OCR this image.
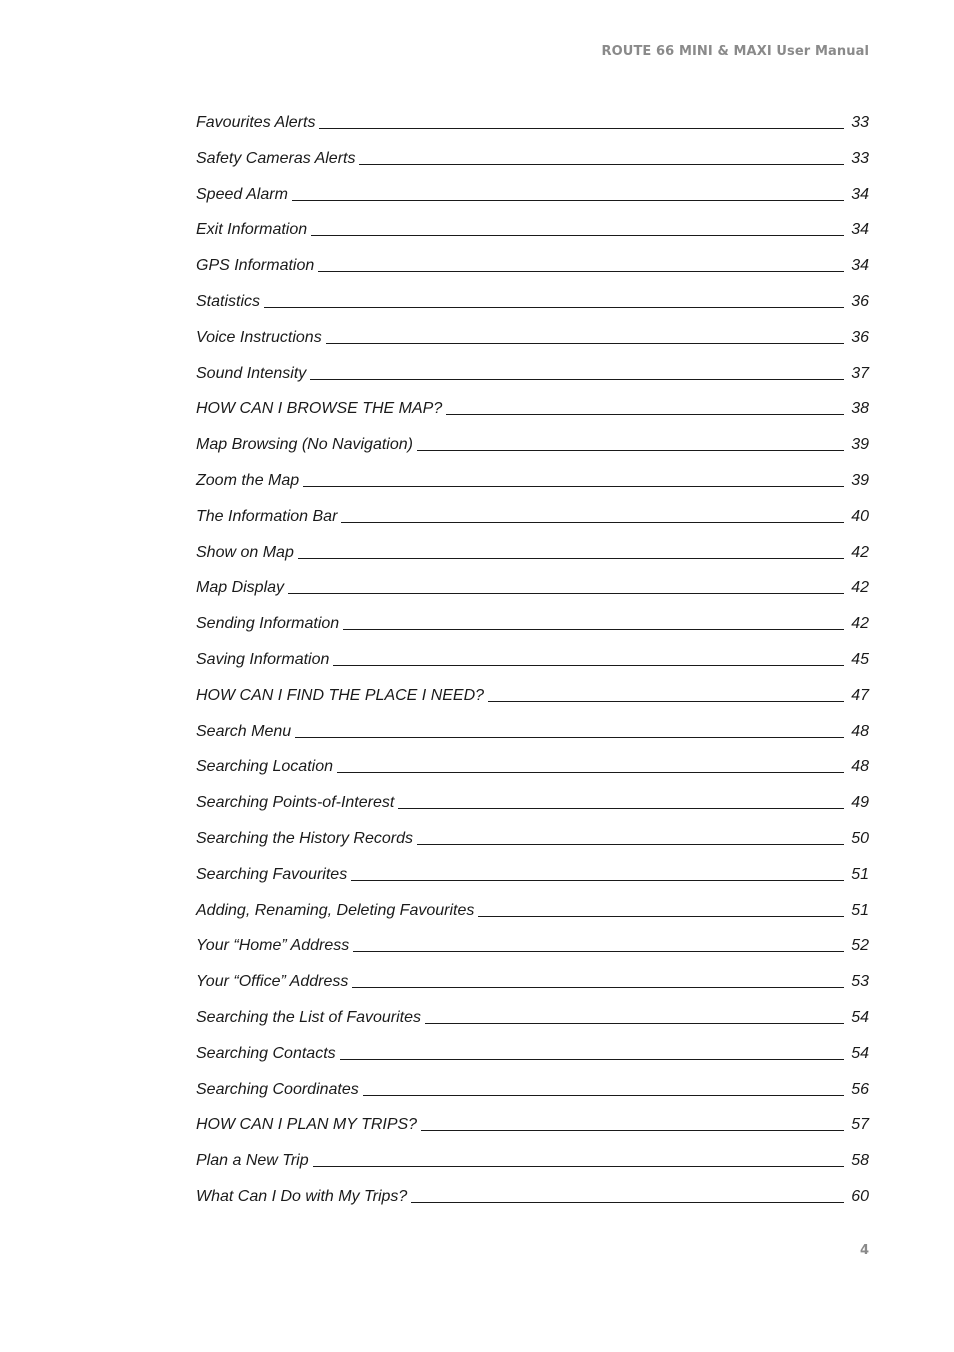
ROUTE 66 MINI & MAXI User Manual
Favourites Alerts	33
Safety Cameras Alerts	33
Speed Alarm	34
Exit Information	34
GPS Information	34
Statistics	36
Voice Instructions	36
Sound Intensity	37
HOW CAN I BROWSE THE MAP?	38
Map Browsing (No Navigation)	39
Zoom the Map	39
The Information Bar	40
Show on Map	42
Map Display	42
Sending Information	42
Saving Information	45
HOW CAN I FIND THE PLACE I NEED?	47
Search Menu	48
Searching Location	48
Searching Points-of-Interest	49
Searching the History Records	50
Searching Favourites	51
Adding, Renaming, Deleting Favourites	51
Your “Home” Address	52
Your “Office” Address	53
Searching the List of Favourites	54
Searching Contacts	54
Searching Coordinates	56
HOW CAN I PLAN MY TRIPS?	57
Plan a New Trip	58
What Can I Do with My Trips?	60
4
